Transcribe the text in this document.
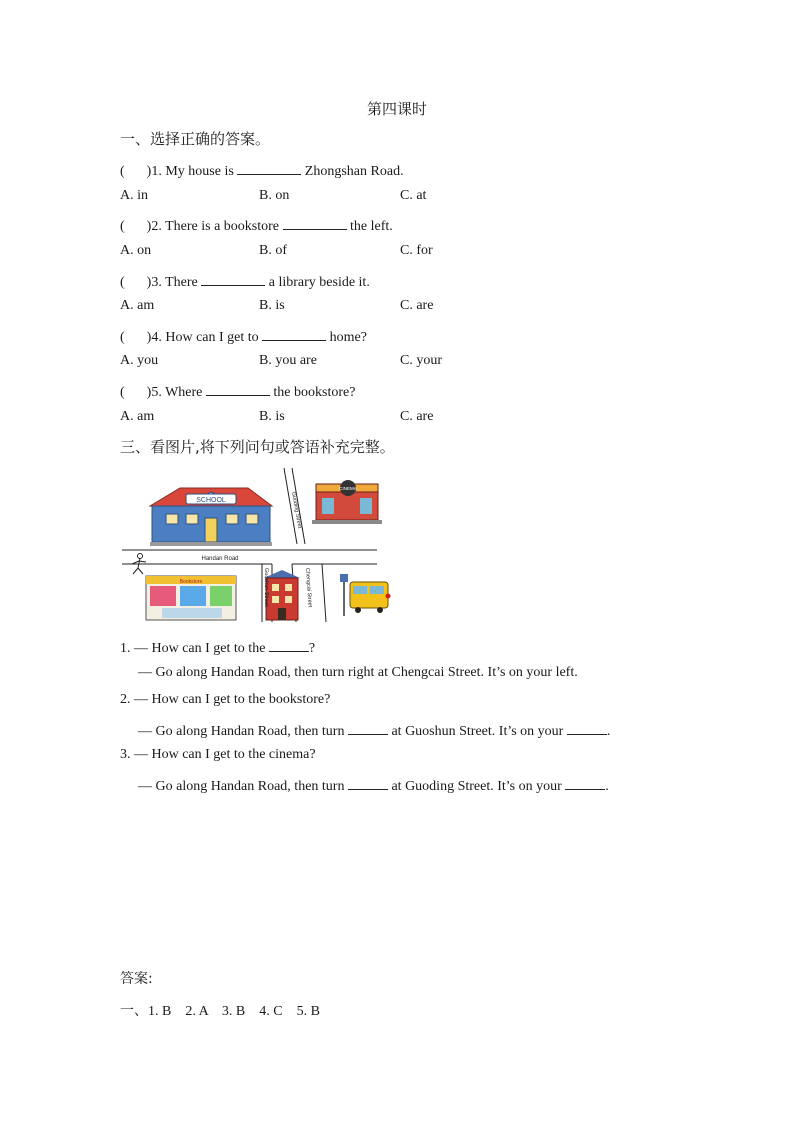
第四课时
一、选择正确的答案。
( )1. My house is	Zhongshan Road.
A. in	B. on	C. at
( )2. There is a bookstore	the left.
A. on	B. of	C. for
( )3. There	a library beside it.
A. am	B. is	C. are
( )4. How can I get to	home?
A. you	B. you are	C. your
( )5. Where	the bookstore?
A. am	B. is	C. are
三、看图片,将下列问句或答语补充完整。
SCHOOL
CINEMA
Bookstore
Handan Road
Guoding Street
Guoshun Street	Chengcai Street
1. — How can I get to the	?
— Go along Handan Road, then turn right at Chengcai Street. It’s on your left.
2. — How can I get to the bookstore?
— Go along Handan Road, then turn	at Guoshun Street. It’s on your	.
3. — How can I get to the cinema?
— Go along Handan Road, then turn	at Guoding Street. It’s on your	.
答案:
一、1. B    2. A    3. B    4. C    5. B
